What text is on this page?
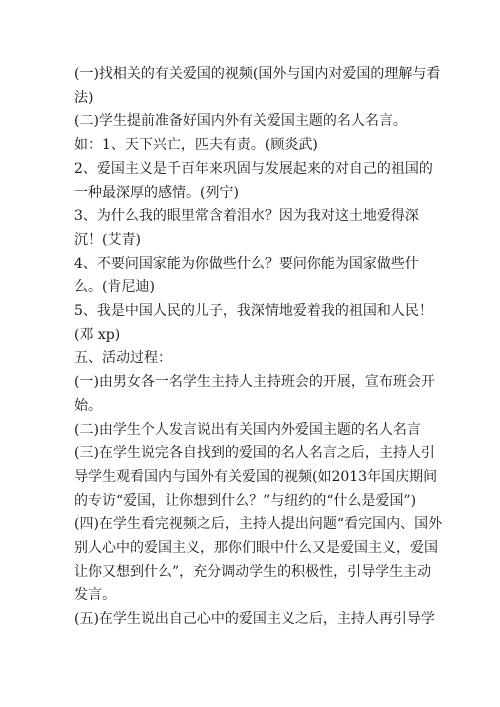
(一)找相关的有关爱国的视频(国外与国内对爱国的理解与看法)

(二)学生提前准备好国内外有关爱国主题的名人名言。

如：1、天下兴亡，匹夫有责。(顾炎武)

2、爱国主义是千百年来巩固与发展起来的对自己的祖国的一种最深厚的感情。(列宁)

3、为什么我的眼里常含着泪水？因为我对这土地爱得深沉！(艾青)

4、不要问国家能为你做些什么？要问你能为国家做些什么。(肯尼迪)

5、我是中国人民的儿子，我深情地爱着我的祖国和人民！(邓 xp)

五、活动过程：

(一)由男女各一名学生主持人主持班会的开展，宣布班会开始。

(二)由学生个人发言说出有关国内外爱国主题的名人名言

(三)在学生说完各自找到的爱国的名人名言之后，主持人引导学生观看国内与国外有关爱国的视频(如2013年国庆期间的专访“爱国，让你想到什么？”与纽约的“什么是爱国”)

(四)在学生看完视频之后，主持人提出问题“看完国内、国外别人心中的爱国主义，那你们眼中什么又是爱国主义，爱国让你又想到什么”，充分调动学生的积极性，引导学生主动发言。

(五)在学生说出自己心中的爱国主义之后，主持人再引导学
